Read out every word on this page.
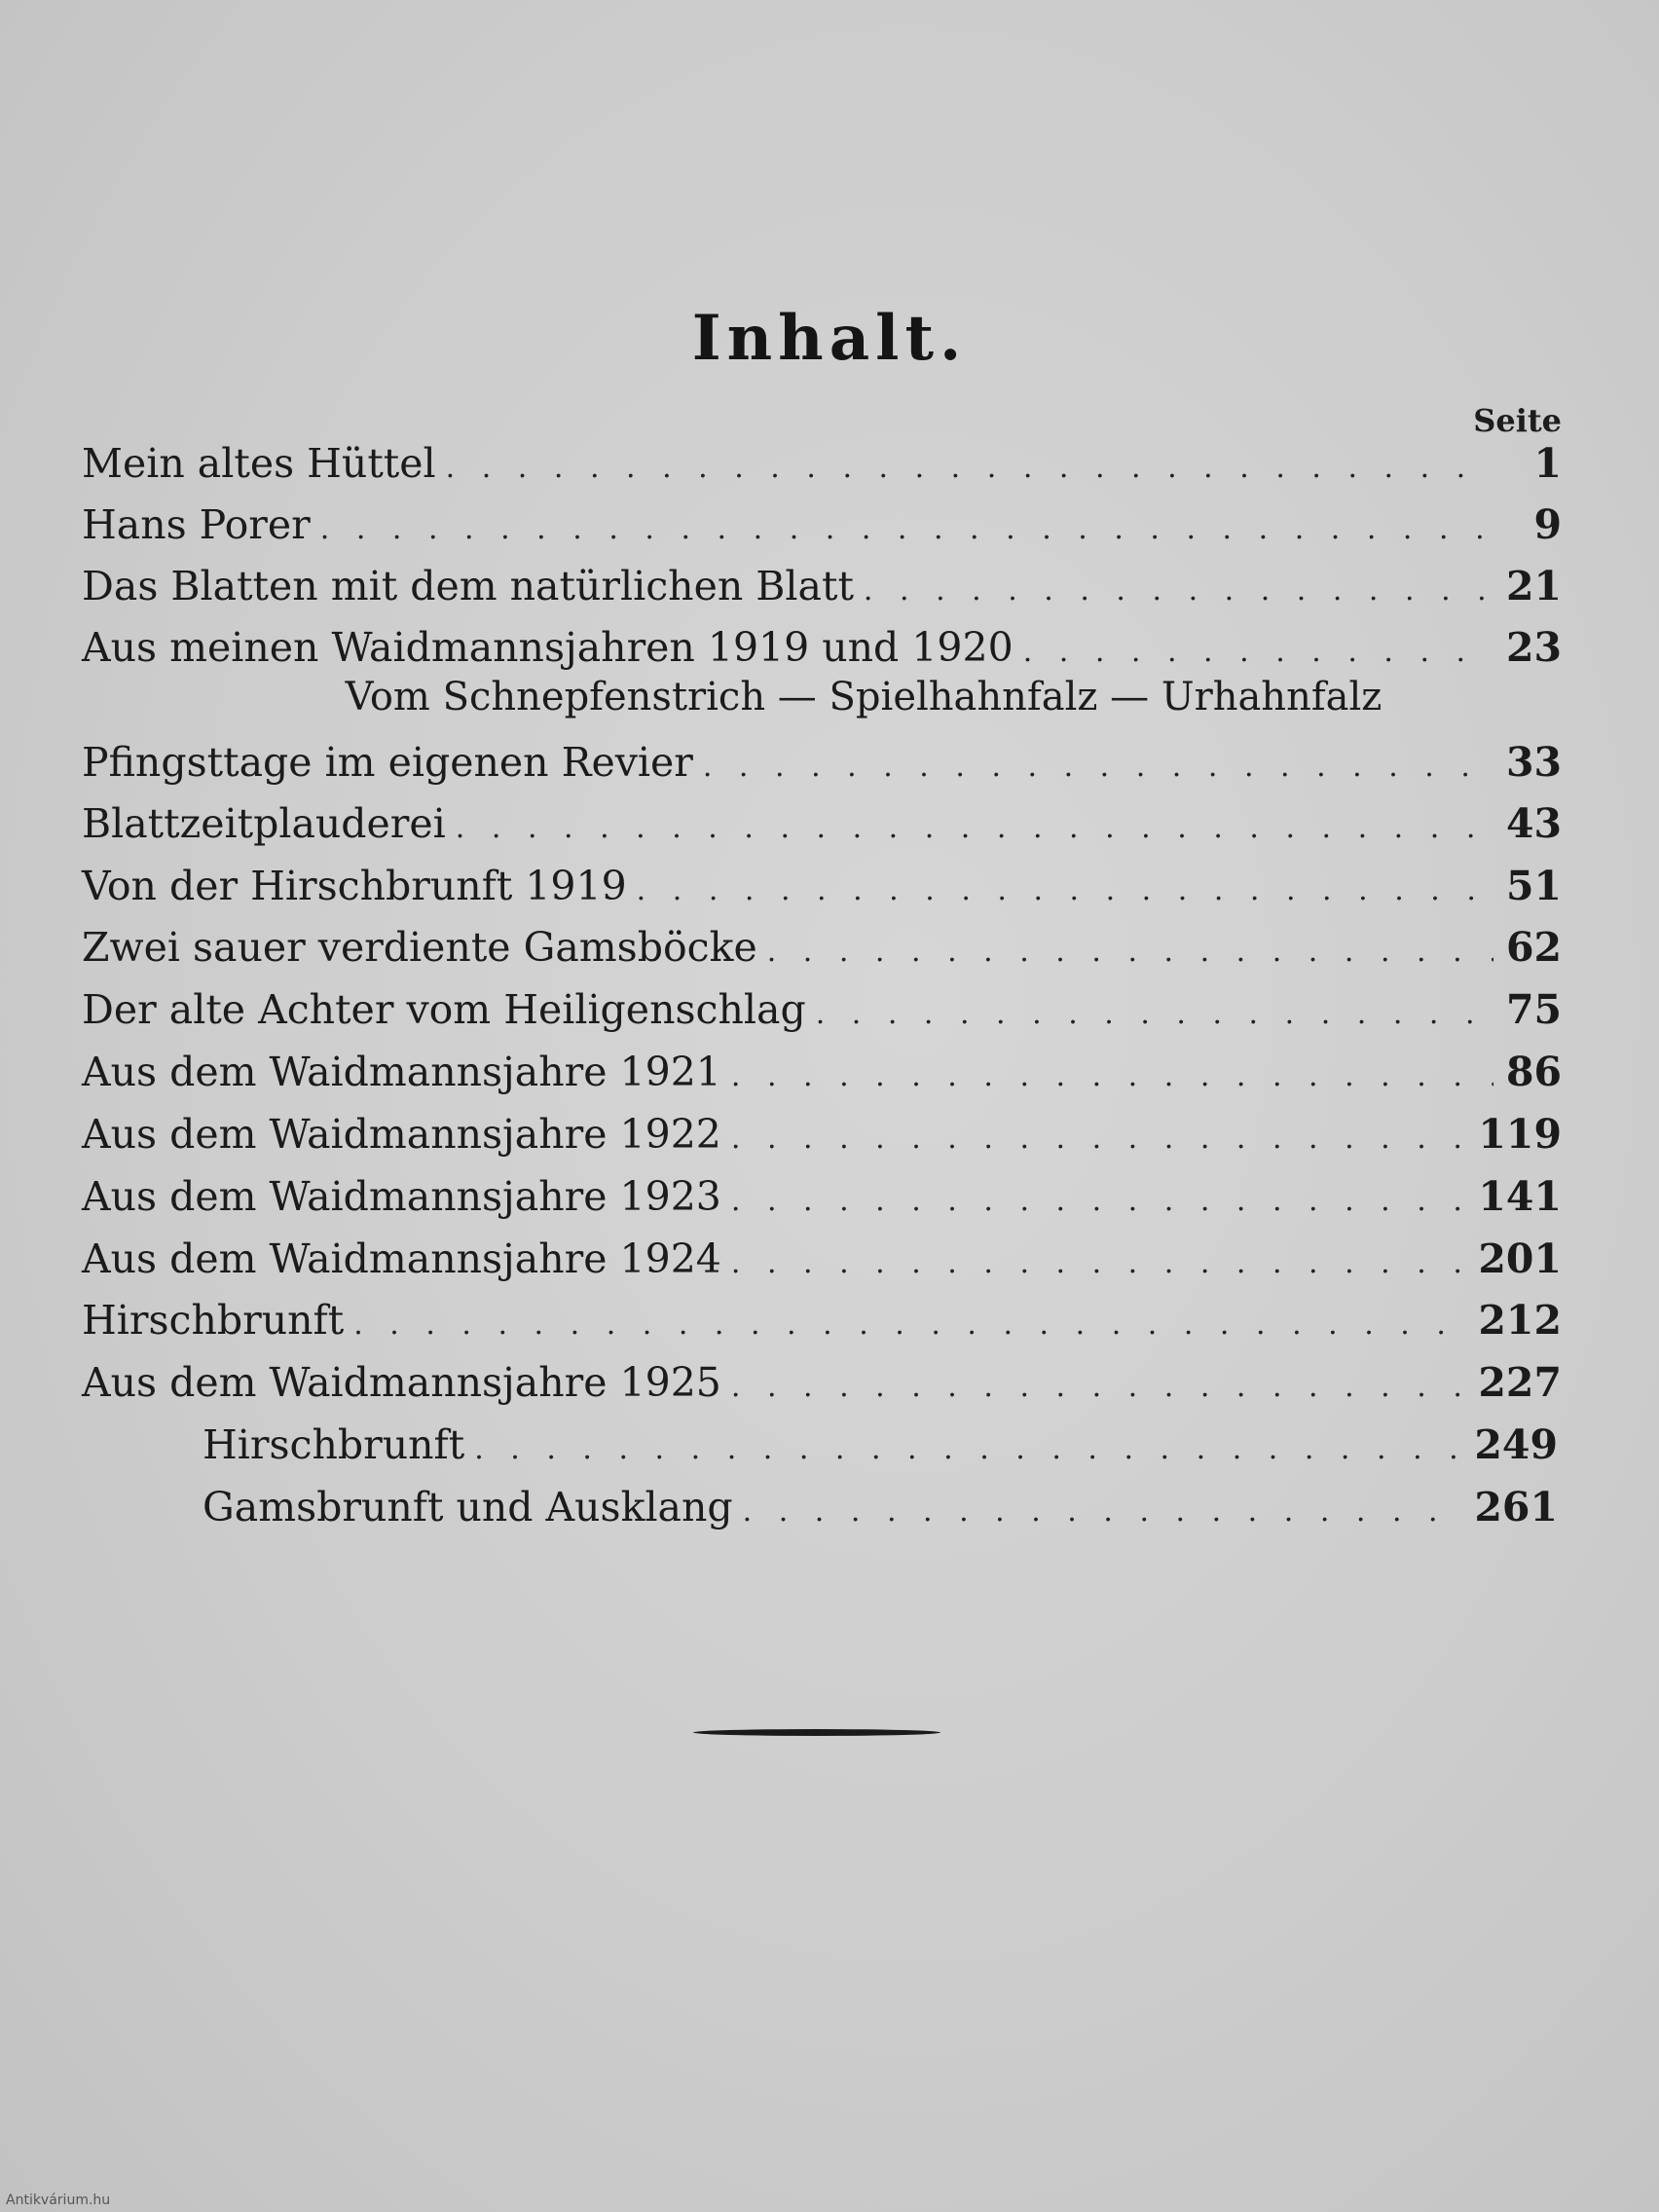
Inhalt.
Seite
Mein altes Hüttel . . .	1
Hans Porer . . .	9
Das Blatten mit dem natürlichen Blatt . . .	21
Aus meinen Waidmannsjahren 1919 und 1920 . . .	23
Vom Schnepfenstrich — Spielhahnfalz — Urhahnfalz
Pfingsttage im eigenen Revier . . .	33
Blattzeitplauderei . . .	43
Von der Hirschbrunft 1919 . . .	51
Zwei sauer verdiente Gamsböcke . . .	62
Der alte Achter vom Heiligenschlag . . .	75
Aus dem Waidmannsjahre 1921 . . .	86
Aus dem Waidmannsjahre 1922 . . .	119
Aus dem Waidmannsjahre 1923 . . .	141
Aus dem Waidmannsjahre 1924 . . .	201
Hirschbrunft . . .	212
Aus dem Waidmannsjahre 1925 . . .	227
Hirschbrunft . . .	249
Gamsbrunft und Ausklang . . .	261
Antikvárium.hu
